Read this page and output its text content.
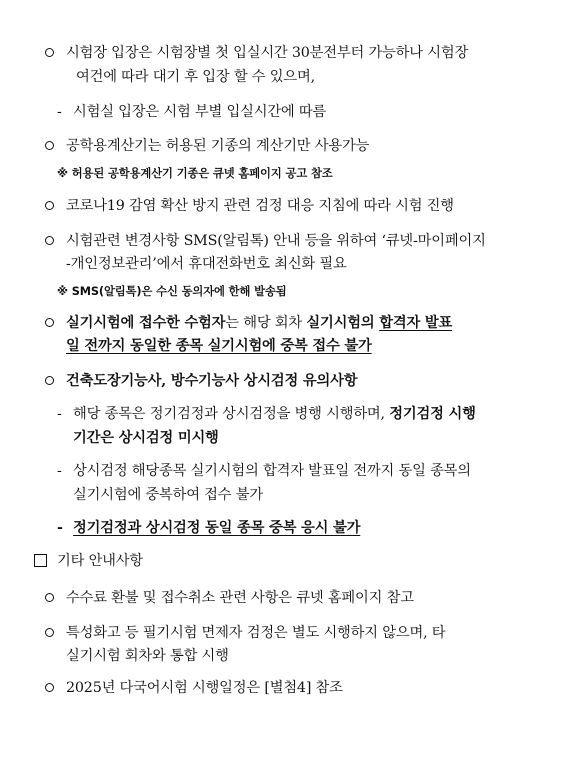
시험장 입장은 시험장별 첫 입실시간 30분전부터 가능하나 시험장
여건에 따라 대기 후 입장 할 수 있으며,
- 시험실 입장은 시험 부별 입실시간에 따름
공학용계산기는 허용된 기종의 계산기만 사용가능
※ 허용된 공학용계산기 기종은 큐넷 홈페이지 공고 참조
코로나19 감염 확산 방지 관련 검정 대응 지침에 따라 시험 진행
시험관련 변경사항 SMS(알림톡) 안내 등을 위하여 ‘큐넷-마이페이지
-개인정보관리’에서 휴대전화번호 최신화 필요
※ SMS(알림톡)은 수신 동의자에 한해 발송됨
실기시험에 접수한 수험자는 해당 회차 실기시험의 합격자 발표
일 전까지 동일한 종목 실기시험에 중복 접수 불가
건축도장기능사, 방수기능사 상시검정 유의사항
- 해당 종목은 정기검정과 상시검정을 병행 시행하며, 정기검정 시행
기간은 상시검정 미시행
- 상시검정 해당종목 실기시험의 합격자 발표일 전까지 동일 종목의
실기시험에 중복하여 접수 불가
- 정기검정과 상시검정 동일 종목 중복 응시 불가
기타 안내사항
수수료 환불 및 접수취소 관련 사항은 큐넷 홈페이지 참고
특성화고 등 필기시험 면제자 검정은 별도 시행하지 않으며, 타
실기시험 회차와 통합 시행
2025년 다국어시험 시행일정은 [별첨4] 참조
